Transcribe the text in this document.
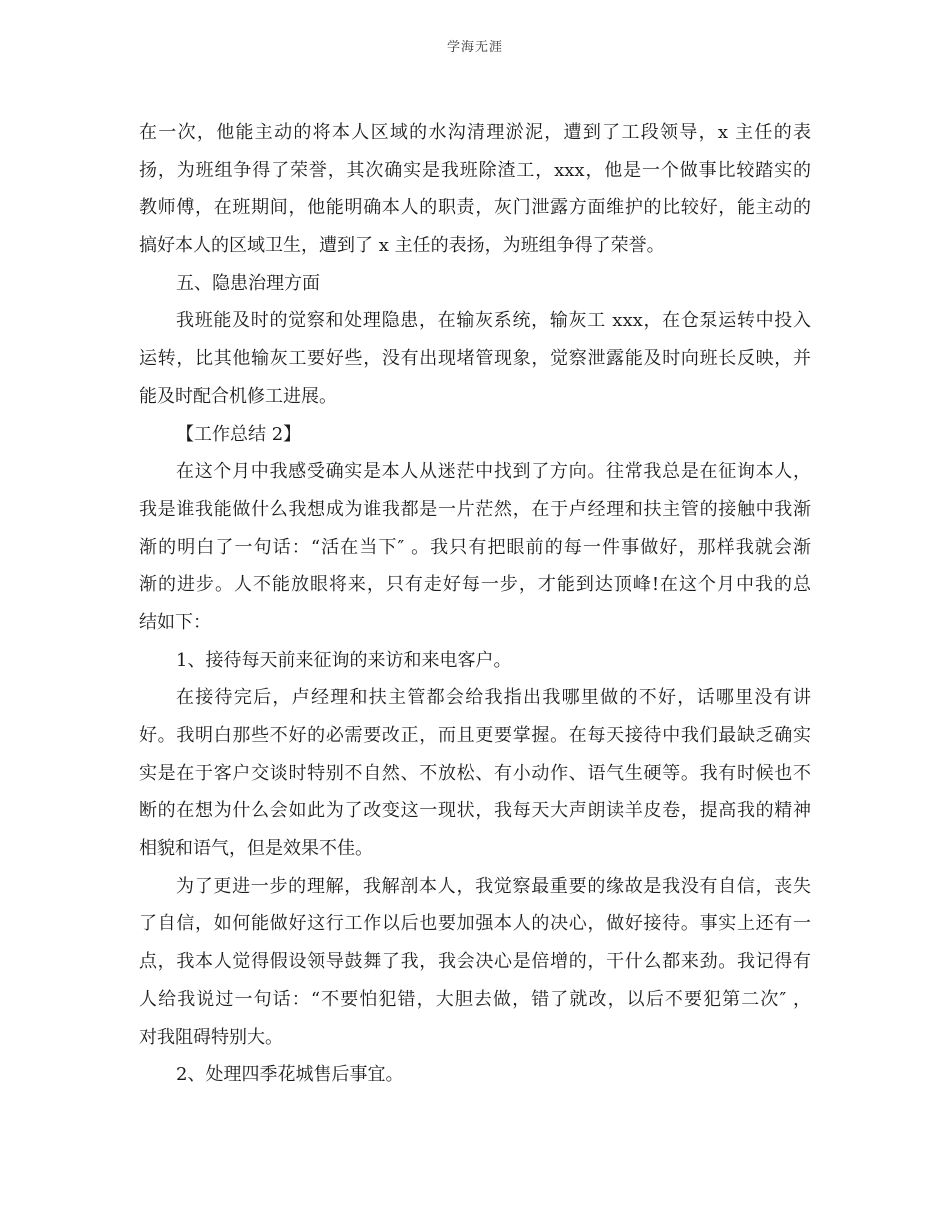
学海无涯
在一次，他能主动的将本人区域的水沟清理淤泥，遭到了工段领导，x 主任的表
扬，为班组争得了荣誉，其次确实是我班除渣工，xxx，他是一个做事比较踏实的
教师傅，在班期间，他能明确本人的职责，灰门泄露方面维护的比较好，能主动的
搞好本人的区域卫生，遭到了 x 主任的表扬，为班组争得了荣誉。
五、隐患治理方面
我班能及时的觉察和处理隐患，在输灰系统，输灰工 xxx，在仓泵运转中投入
运转，比其他输灰工要好些，没有出现堵管现象，觉察泄露能及时向班长反映，并
能及时配合机修工进展。
【工作总结 2】
在这个月中我感受确实是本人从迷茫中找到了方向。往常我总是在征询本人，
我是谁我能做什么我想成为谁我都是一片茫然，在于卢经理和扶主管的接触中我渐
渐的明白了一句话：“活在当下″ 。我只有把眼前的每一件事做好，那样我就会渐
渐的进步。人不能放眼将来，只有走好每一步，才能到达顶峰!在这个月中我的总
结如下：
1、接待每天前来征询的来访和来电客户。
在接待完后，卢经理和扶主管都会给我指出我哪里做的不好，话哪里没有讲
好。我明白那些不好的必需要改正，而且更要掌握。在每天接待中我们最缺乏确实
实是在于客户交谈时特别不自然、不放松、有小动作、语气生硬等。我有时候也不
断的在想为什么会如此为了改变这一现状，我每天大声朗读羊皮卷，提高我的精神
相貌和语气，但是效果不佳。
为了更进一步的理解，我解剖本人，我觉察最重要的缘故是我没有自信，丧失
了自信，如何能做好这行工作以后也要加强本人的决心，做好接待。事实上还有一
点，我本人觉得假设领导鼓舞了我，我会决心是倍增的，干什么都来劲。我记得有
人给我说过一句话：“不要怕犯错，大胆去做，错了就改，以后不要犯第二次″ ，
对我阻碍特别大。
2、处理四季花城售后事宜。
